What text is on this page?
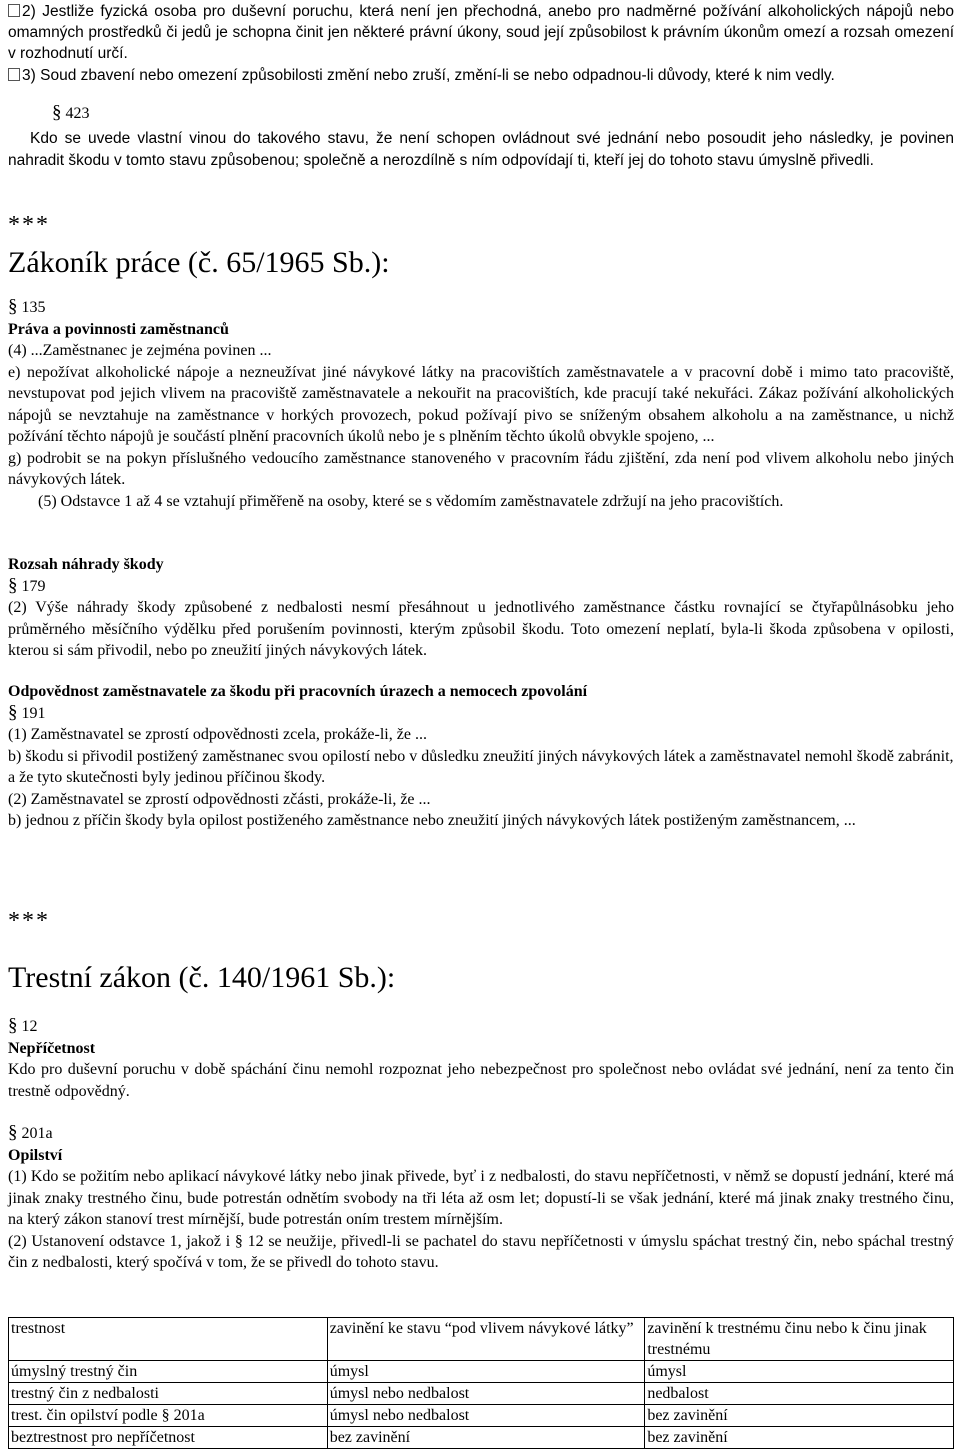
2) Jestliže fyzická osoba pro duševní poruchu, která není jen přechodná, anebo pro nadměrné požívání alkoholických nápojů nebo omamných prostředků či jedů je schopna činit jen některé právní úkony, soud její způsobilost k právním úkonům omezí a rozsah omezení v rozhodnutí určí.

3) Soud zbavení nebo omezení způsobilosti změní nebo zruší, změní-li se nebo odpadnou-li důvody, které k nim vedly.

§ 423

Kdo se uvede vlastní vinou do takového stavu, že není schopen ovládnout své jednání nebo posoudit jeho následky, je povinen nahradit škodu v tomto stavu způsobenou; společně a nerozdílně s ním odpovídají ti, kteří jej do tohoto stavu úmyslně přivedli.

***
Zákoník práce (č. 65/1965 Sb.):

§ 135

Práva a povinnosti zaměstnanců

(4) ...Zaměstnanec je zejména povinen ...

e) nepožívat alkoholické nápoje a nezneužívat jiné návykové látky na pracovištích zaměstnavatele a v pracovní době i mimo tato pracoviště, nevstupovat pod jejich vlivem na pracoviště zaměstnavatele a nekouřit na pracovištích, kde pracují také nekuřáci. Zákaz požívání alkoholických nápojů se nevztahuje na zaměstnance v horkých provozech, pokud požívají pivo se sníženým obsahem alkoholu a na zaměstnance, u nichž požívání těchto nápojů je součástí plnění pracovních úkolů nebo je s plněním těchto úkolů obvykle spojeno, ...

g) podrobit se na pokyn příslušného vedoucího zaměstnance stanoveného v pracovním řádu zjištění, zda není pod vlivem alkoholu nebo jiných návykových látek.

(5) Odstavce 1 až 4 se vztahují přiměřeně na osoby, které se s vědomím zaměstnavatele zdržují na jeho pracovištích.

Rozsah náhrady škody

§ 179

(2) Výše náhrady škody způsobené z nedbalosti nesmí přesáhnout u jednotlivého zaměstnance částku rovnající se čtyřapůlnásobku jeho průměrného měsíčního výdělku před porušením povinnosti, kterým způsobil škodu. Toto omezení neplatí, byla-li škoda způsobena v opilosti, kterou si sám přivodil, nebo po zneužití jiných návykových látek.

Odpovědnost zaměstnavatele za škodu při pracovních úrazech a nemocech zpovolání

§ 191

(1) Zaměstnavatel se zprostí odpovědnosti zcela, prokáže-li, že ...

b) škodu si přivodil postižený zaměstnanec svou opilostí nebo v důsledku zneužití jiných návykových látek a zaměstnavatel nemohl škodě zabránit,

a že tyto skutečnosti byly jedinou příčinou škody.

(2) Zaměstnavatel se zprostí odpovědnosti zčásti, prokáže-li, že ...

b) jednou z příčin škody byla opilost postiženého zaměstnance nebo zneužití jiných návykových látek postiženým zaměstnancem, ...

***
Trestní zákon (č. 140/1961 Sb.):

§ 12

Nepříčetnost

Kdo pro duševní poruchu v době spáchání činu nemohl rozpoznat jeho nebezpečnost pro společnost nebo ovládat své jednání, není za tento čin trestně odpovědný.

§ 201a

Opilství

(1) Kdo se požitím nebo aplikací návykové látky nebo jinak přivede, byť i z nedbalosti, do stavu nepříčetnosti, v němž se dopustí jednání, které má jinak znaky trestného činu, bude potrestán odnětím svobody na tři léta až osm let; dopustí-li se však jednání, které má jinak znaky trestného činu, na který zákon stanoví trest mírnější, bude potrestán oním trestem mírnějším.

(2) Ustanovení odstavce 1, jakož i § 12 se neužije, přivedl-li se pachatel do stavu nepříčetnosti v úmyslu spáchat trestný čin, nebo spáchal trestný čin z nedbalosti, který spočívá v tom, že se přivedl do tohoto stavu.

trestnost	zavinění ke stavu “pod vlivem návykové látky”	zavinění k trestnému činu nebo k činu jinak trestnému
úmyslný trestný čin	úmysl	úmysl
trestný čin z nedbalosti	úmysl nebo nedbalost	nedbalost
trest. čin opilství podle § 201a	úmysl nebo nedbalost	bez zavinění
beztrestnost pro nepříčetnost	bez zavinění	bez zavinění
